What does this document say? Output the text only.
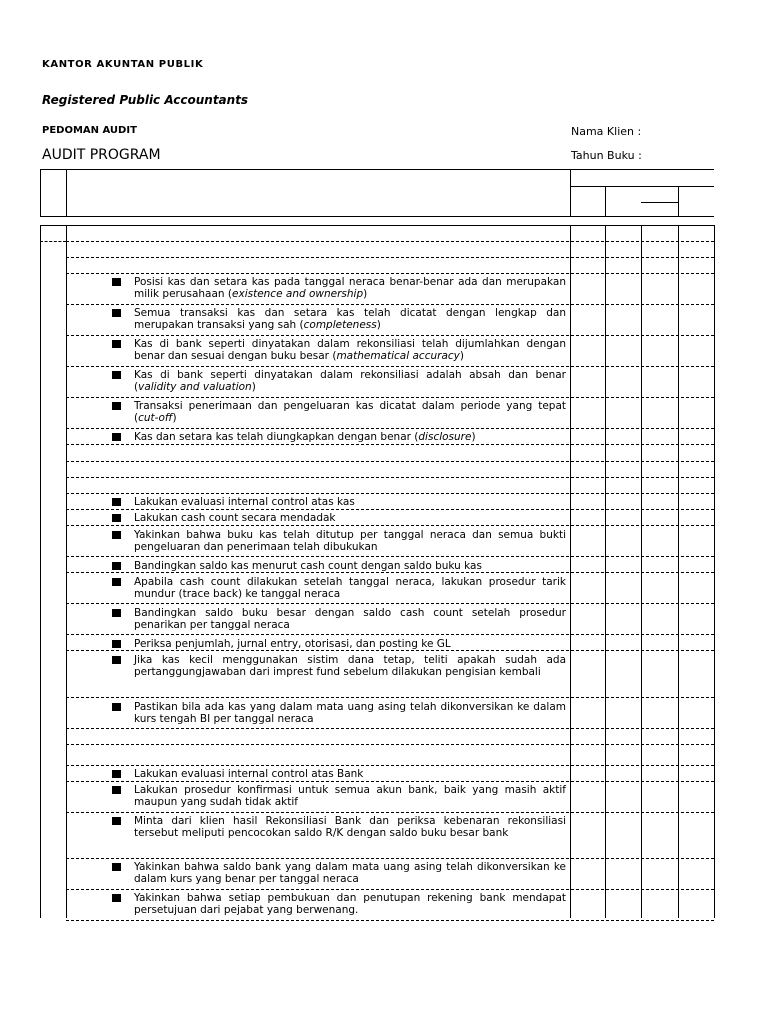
KANTOR AKUNTAN PUBLIK
Registered Public Accountants
PEDOMAN AUDIT
AUDIT PROGRAM
Nama Klien :
Tahun Buku :
Posisi kas dan setara kas pada tanggal neraca benar-benar ada dan merupakan milik perusahaan (existence and ownership)
Semua transaksi kas dan setara kas telah dicatat dengan lengkap dan merupakan transaksi yang sah (completeness)
Kas di bank seperti dinyatakan dalam rekonsiliasi telah dijumlahkan dengan benar dan sesuai dengan buku besar (mathematical accuracy)
Kas di bank seperti dinyatakan dalam rekonsiliasi adalah absah dan benar (validity and valuation)
Transaksi penerimaan dan pengeluaran kas dicatat dalam periode yang tepat (cut-off)
Kas dan setara kas telah diungkapkan dengan benar (disclosure)
Lakukan evaluasi internal control atas kas
Lakukan cash count secara mendadak
Yakinkan bahwa buku kas telah ditutup per tanggal neraca dan semua bukti pengeluaran dan penerimaan telah dibukukan
Bandingkan saldo kas menurut cash count dengan saldo buku kas
Apabila cash count dilakukan setelah tanggal neraca, lakukan prosedur tarik mundur (trace back) ke tanggal neraca
Bandingkan saldo buku besar dengan saldo cash count setelah prosedur penarikan per tanggal neraca
Periksa penjumlah, jurnal entry, otorisasi, dan posting ke GL
Jika kas kecil menggunakan sistim dana tetap, teliti apakah sudah ada pertanggungjawaban dari imprest fund sebelum dilakukan pengisian kembali
Pastikan bila ada kas yang dalam mata uang asing telah dikonversikan ke dalam kurs tengah BI per tanggal neraca
Lakukan evaluasi internal control atas Bank
Lakukan prosedur konfirmasi untuk semua akun bank, baik yang masih aktif maupun yang sudah tidak aktif
Minta dari klien hasil Rekonsiliasi Bank dan periksa kebenaran rekonsiliasi tersebut meliputi pencocokan saldo R/K dengan saldo buku besar bank
Yakinkan bahwa saldo bank yang dalam mata uang asing telah dikonversikan ke dalam kurs yang benar per tanggal neraca
Yakinkan bahwa setiap pembukuan dan penutupan rekening bank mendapat persetujuan dari pejabat yang berwenang.
